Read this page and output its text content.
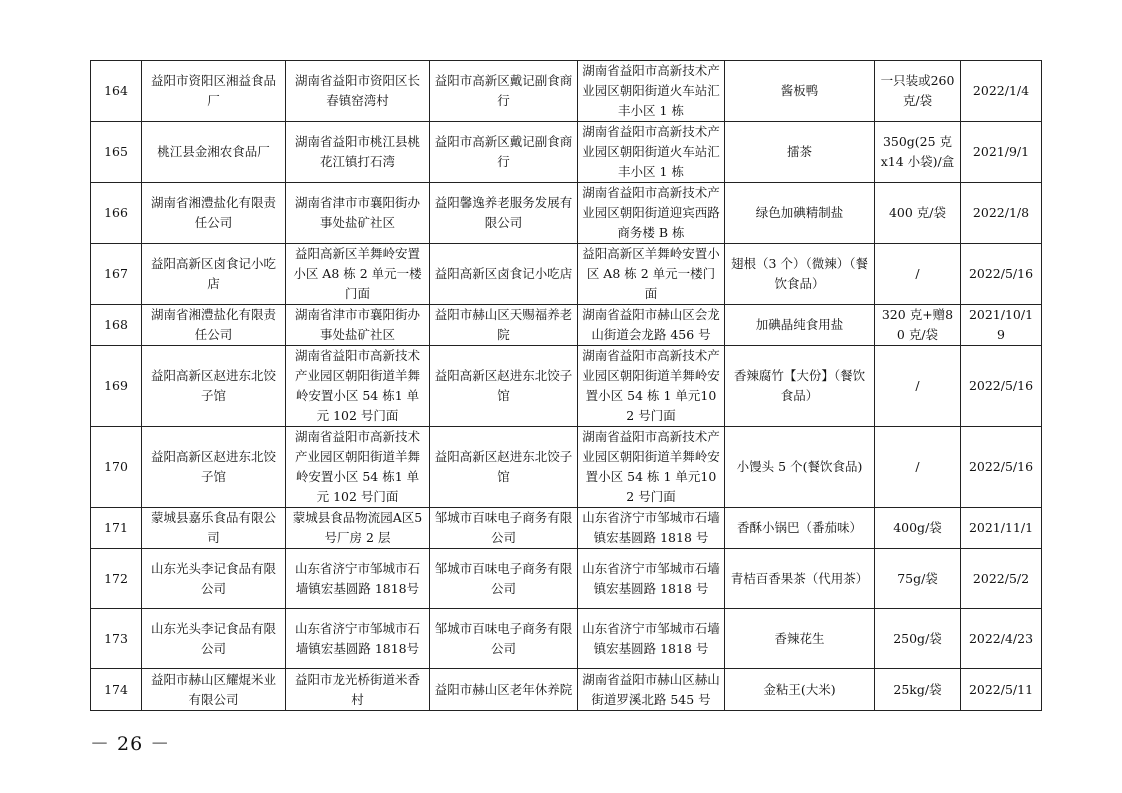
164	益阳市资阳区湘益食品厂	湖南省益阳市资阳区长春镇窑湾村	益阳市高新区戴记副食商行	湖南省益阳市高新技术产业园区朝阳街道火车站汇丰小区 1 栋	酱板鸭	一只装或260 克/袋	2022/1/4
165	桃江县金湘农食品厂	湖南省益阳市桃江县桃花江镇打石湾	益阳市高新区戴记副食商行	湖南省益阳市高新技术产业园区朝阳街道火车站汇丰小区 1 栋	擂茶	350g(25 克 x14 小袋)/盒	2021/9/1
166	湖南省湘澧盐化有限责任公司	湖南省津市市襄阳街办事处盐矿社区	益阳馨逸养老服务发展有限公司	湖南省益阳市高新技术产业园区朝阳街道迎宾西路商务楼 B 栋	绿色加碘精制盐	400 克/袋	2022/1/8
167	益阳高新区卤食记小吃店	益阳高新区羊舞岭安置小区 A8 栋 2 单元一楼门面	益阳高新区卤食记小吃店	益阳高新区羊舞岭安置小区 A8 栋 2 单元一楼门面	翅根（3 个）（微辣）（餐饮食品）	/	2022/5/16
168	湖南省湘澧盐化有限责任公司	湖南省津市市襄阳街办事处盐矿社区	益阳市赫山区天赐福养老院	湖南省益阳市赫山区会龙山街道会龙路 456 号	加碘晶纯食用盐	320 克+赠80 克/袋	2021/10/19
169	益阳高新区赵进东北饺子馆	湖南省益阳市高新技术产业园区朝阳街道羊舞岭安置小区 54 栋1 单元 102 号门面	益阳高新区赵进东北饺子馆	湖南省益阳市高新技术产业园区朝阳街道羊舞岭安置小区 54 栋 1 单元102 号门面	香辣腐竹【大份】（餐饮食品）	/	2022/5/16
170	益阳高新区赵进东北饺子馆	湖南省益阳市高新技术产业园区朝阳街道羊舞岭安置小区 54 栋1 单元 102 号门面	益阳高新区赵进东北饺子馆	湖南省益阳市高新技术产业园区朝阳街道羊舞岭安置小区 54 栋 1 单元102 号门面	小馒头 5 个(餐饮食品)	/	2022/5/16
171	蒙城县嘉乐食品有限公司	蒙城县食品物流园A区5 号厂房 2 层	邹城市百味电子商务有限公司	山东省济宁市邹城市石墙镇宏基圆路 1818 号	香酥小锅巴（番茄味）	400g/袋	2021/11/1
172	山东光头李记食品有限公司	山东省济宁市邹城市石墙镇宏基圆路 1818号	邹城市百味电子商务有限公司	山东省济宁市邹城市石墙镇宏基圆路 1818 号	青桔百香果茶（代用茶）	75g/袋	2022/5/2
173	山东光头李记食品有限公司	山东省济宁市邹城市石墙镇宏基圆路 1818号	邹城市百味电子商务有限公司	山东省济宁市邹城市石墙镇宏基圆路 1818 号	香辣花生	250g/袋	2022/4/23
174	益阳市赫山区耀焜米业有限公司	益阳市龙光桥街道米香村	益阳市赫山区老年休养院	湖南省益阳市赫山区赫山街道罗溪北路 545 号	金粘王(大米)	25kg/袋	2022/5/11
－ 26 －
